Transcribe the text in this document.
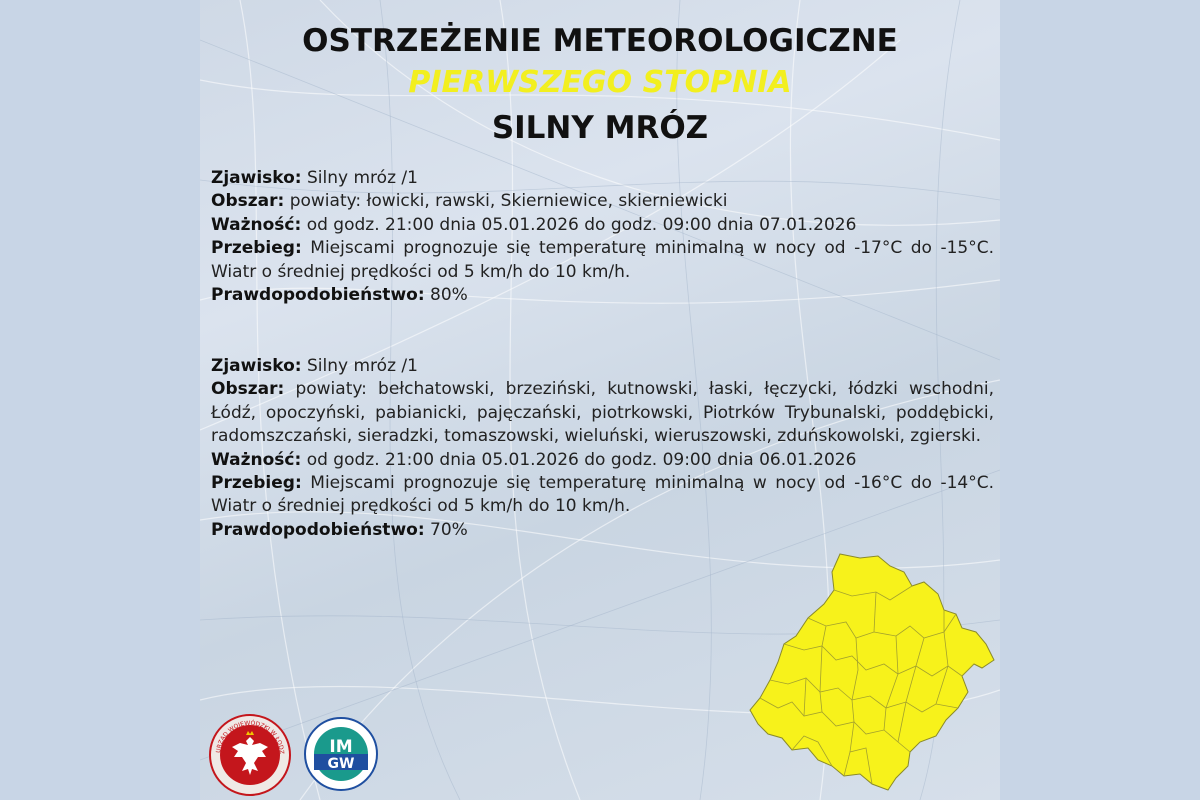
OSTRZEŻENIE METEOROLOGICZNE
PIERWSZEGO STOPNIA
SILNY MRÓZ

Zjawisko: Silny mróz /1

Obszar: powiaty: łowicki, rawski, Skierniewice, skierniewicki

Ważność: od godz. 21:00 dnia 05.01.2026 do godz. 09:00 dnia 07.01.2026

Przebieg: Miejscami prognozuje się temperaturę minimalną w nocy od -17°C do -15°C. Wiatr o średniej prędkości od 5 km/h do 10 km/h.

Prawdopodobieństwo: 80%

Zjawisko: Silny mróz /1

Obszar: powiaty: bełchatowski, brzeziński, kutnowski, łaski, łęczycki, łódzki wschodni, Łódź, opoczyński, pabianicki, pajęczański, piotrkowski, Piotrków Trybunalski, poddębicki, radomszczański, sieradzki, tomaszowski, wieluński, wieruszowski, zduńskowolski, zgierski.

Ważność: od godz. 21:00 dnia 05.01.2026 do godz. 09:00 dnia 06.01.2026

Przebieg: Miejscami prognozuje się temperaturę minimalną w nocy od -16°C do -14°C. Wiatr o średniej prędkości od 5 km/h do 10 km/h.

Prawdopodobieństwo: 70%

URZĄD WOJEWÓDZKI W ŁODZ	IM
GW
